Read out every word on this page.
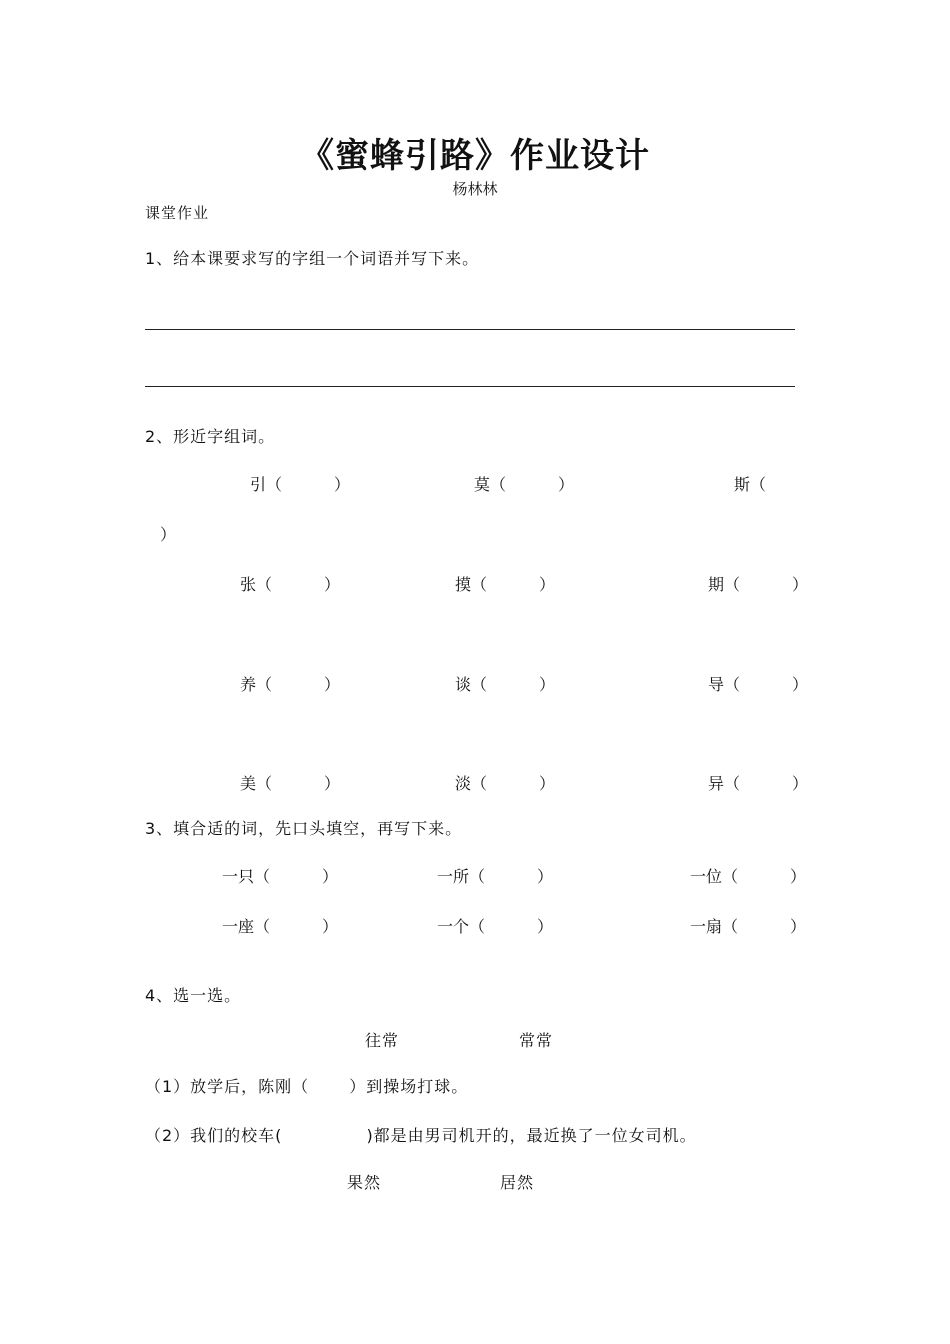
《蜜蜂引路》作业设计
杨林林
课堂作业
1、给本课要求写的字组一个词语并写下来。
2、形近字组词。
引（	）	莫（	）	斯（
）
张（	）	摸（	）	期（	）
养（	）	谈（	）	导（	）
美（	）	淡（	）	异（	）
3、填合适的词，先口头填空，再写下来。
一只（	）	一所（	）	一位（	）
一座（	）	一个（	）	一扇（	）
4、选一选。
往常	常常
（1）放学后，陈刚（	）到操场打球。
（2）我们的校车(	)都是由男司机开的，最近换了一位女司机。
果然	居然
